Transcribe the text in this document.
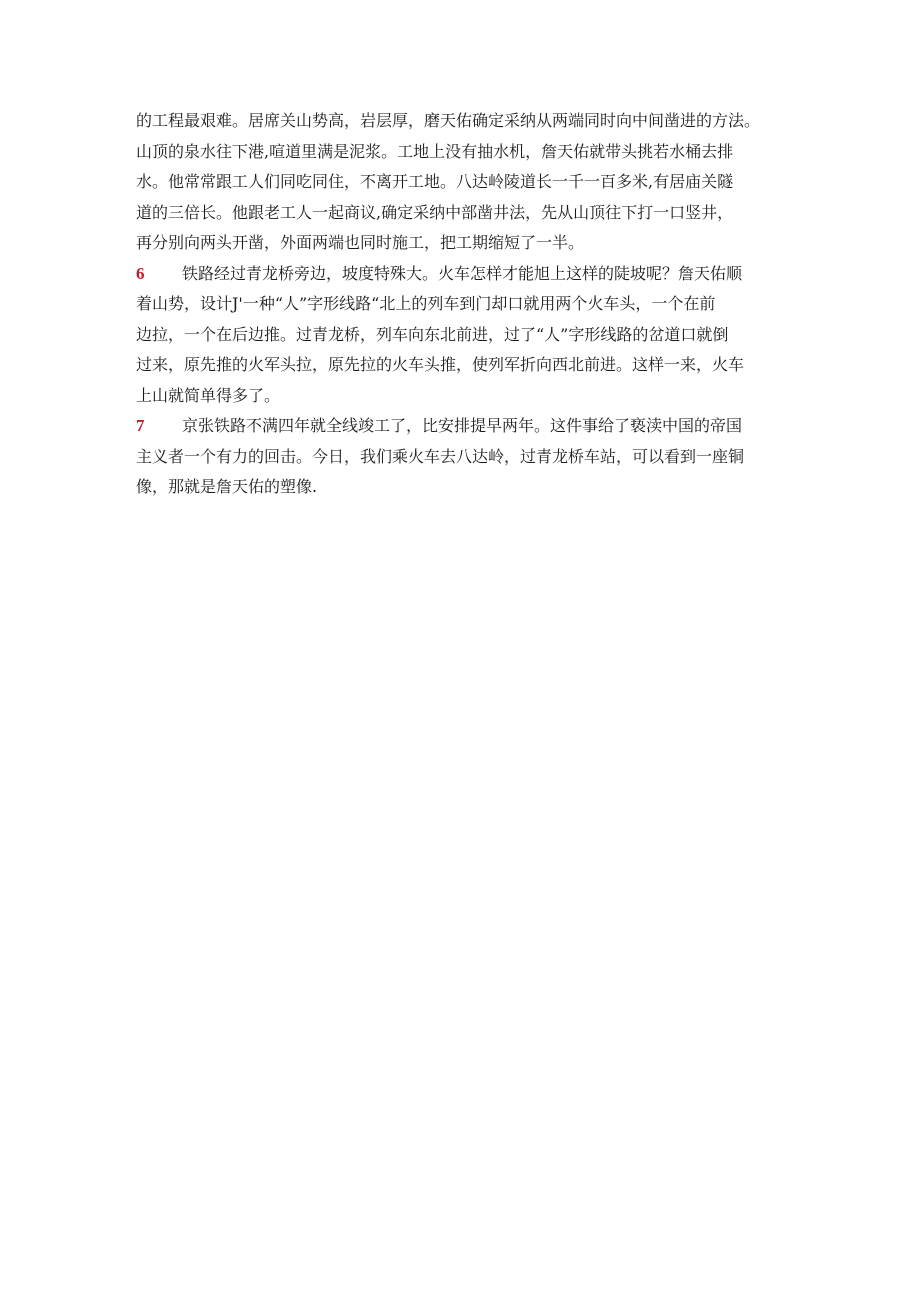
的工程最艰难。居席关山势高，岩层厚，磨天佑确定采纳从两端同时向中间凿进的方法。
山顶的泉水往下港,喧道里满是泥浆。工地上没有抽水机，詹天佑就带头挑若水桶去排
水。他常常跟工人们同吃同住，不离开工地。八达岭陵道长一千一百多米,有居庙关隧
道的三倍长。他跟老工人一起商议,确定采纳中部凿井法，先从山顶往下打一口竖井，
再分别向两头开凿，外面两端也同时施工，把工期缩短了一半。
6 铁路经过青龙桥旁边，坡度特殊大。火车怎样才能旭上这样的陡坡呢？詹天佑顺
着山势，设计J'一种“人”字形线路“北上的列车到门却口就用两个火车头，一个在前
边拉，一个在后边推。过青龙桥，列车向东北前进，过了“人”字形线路的岔道口就倒
过来，原先推的火军头拉，原先拉的火车头推，使列军折向西北前进。这样一来，火车
上山就简单得多了。
7 京张铁路不满四年就全线竣工了，比安排提早两年。这件事给了亵渎中国的帝国
主义者一个有力的回击。今日，我们乘火车去八达岭，过青龙桥车站，可以看到一座铜
像，那就是詹天佑的塑像.
